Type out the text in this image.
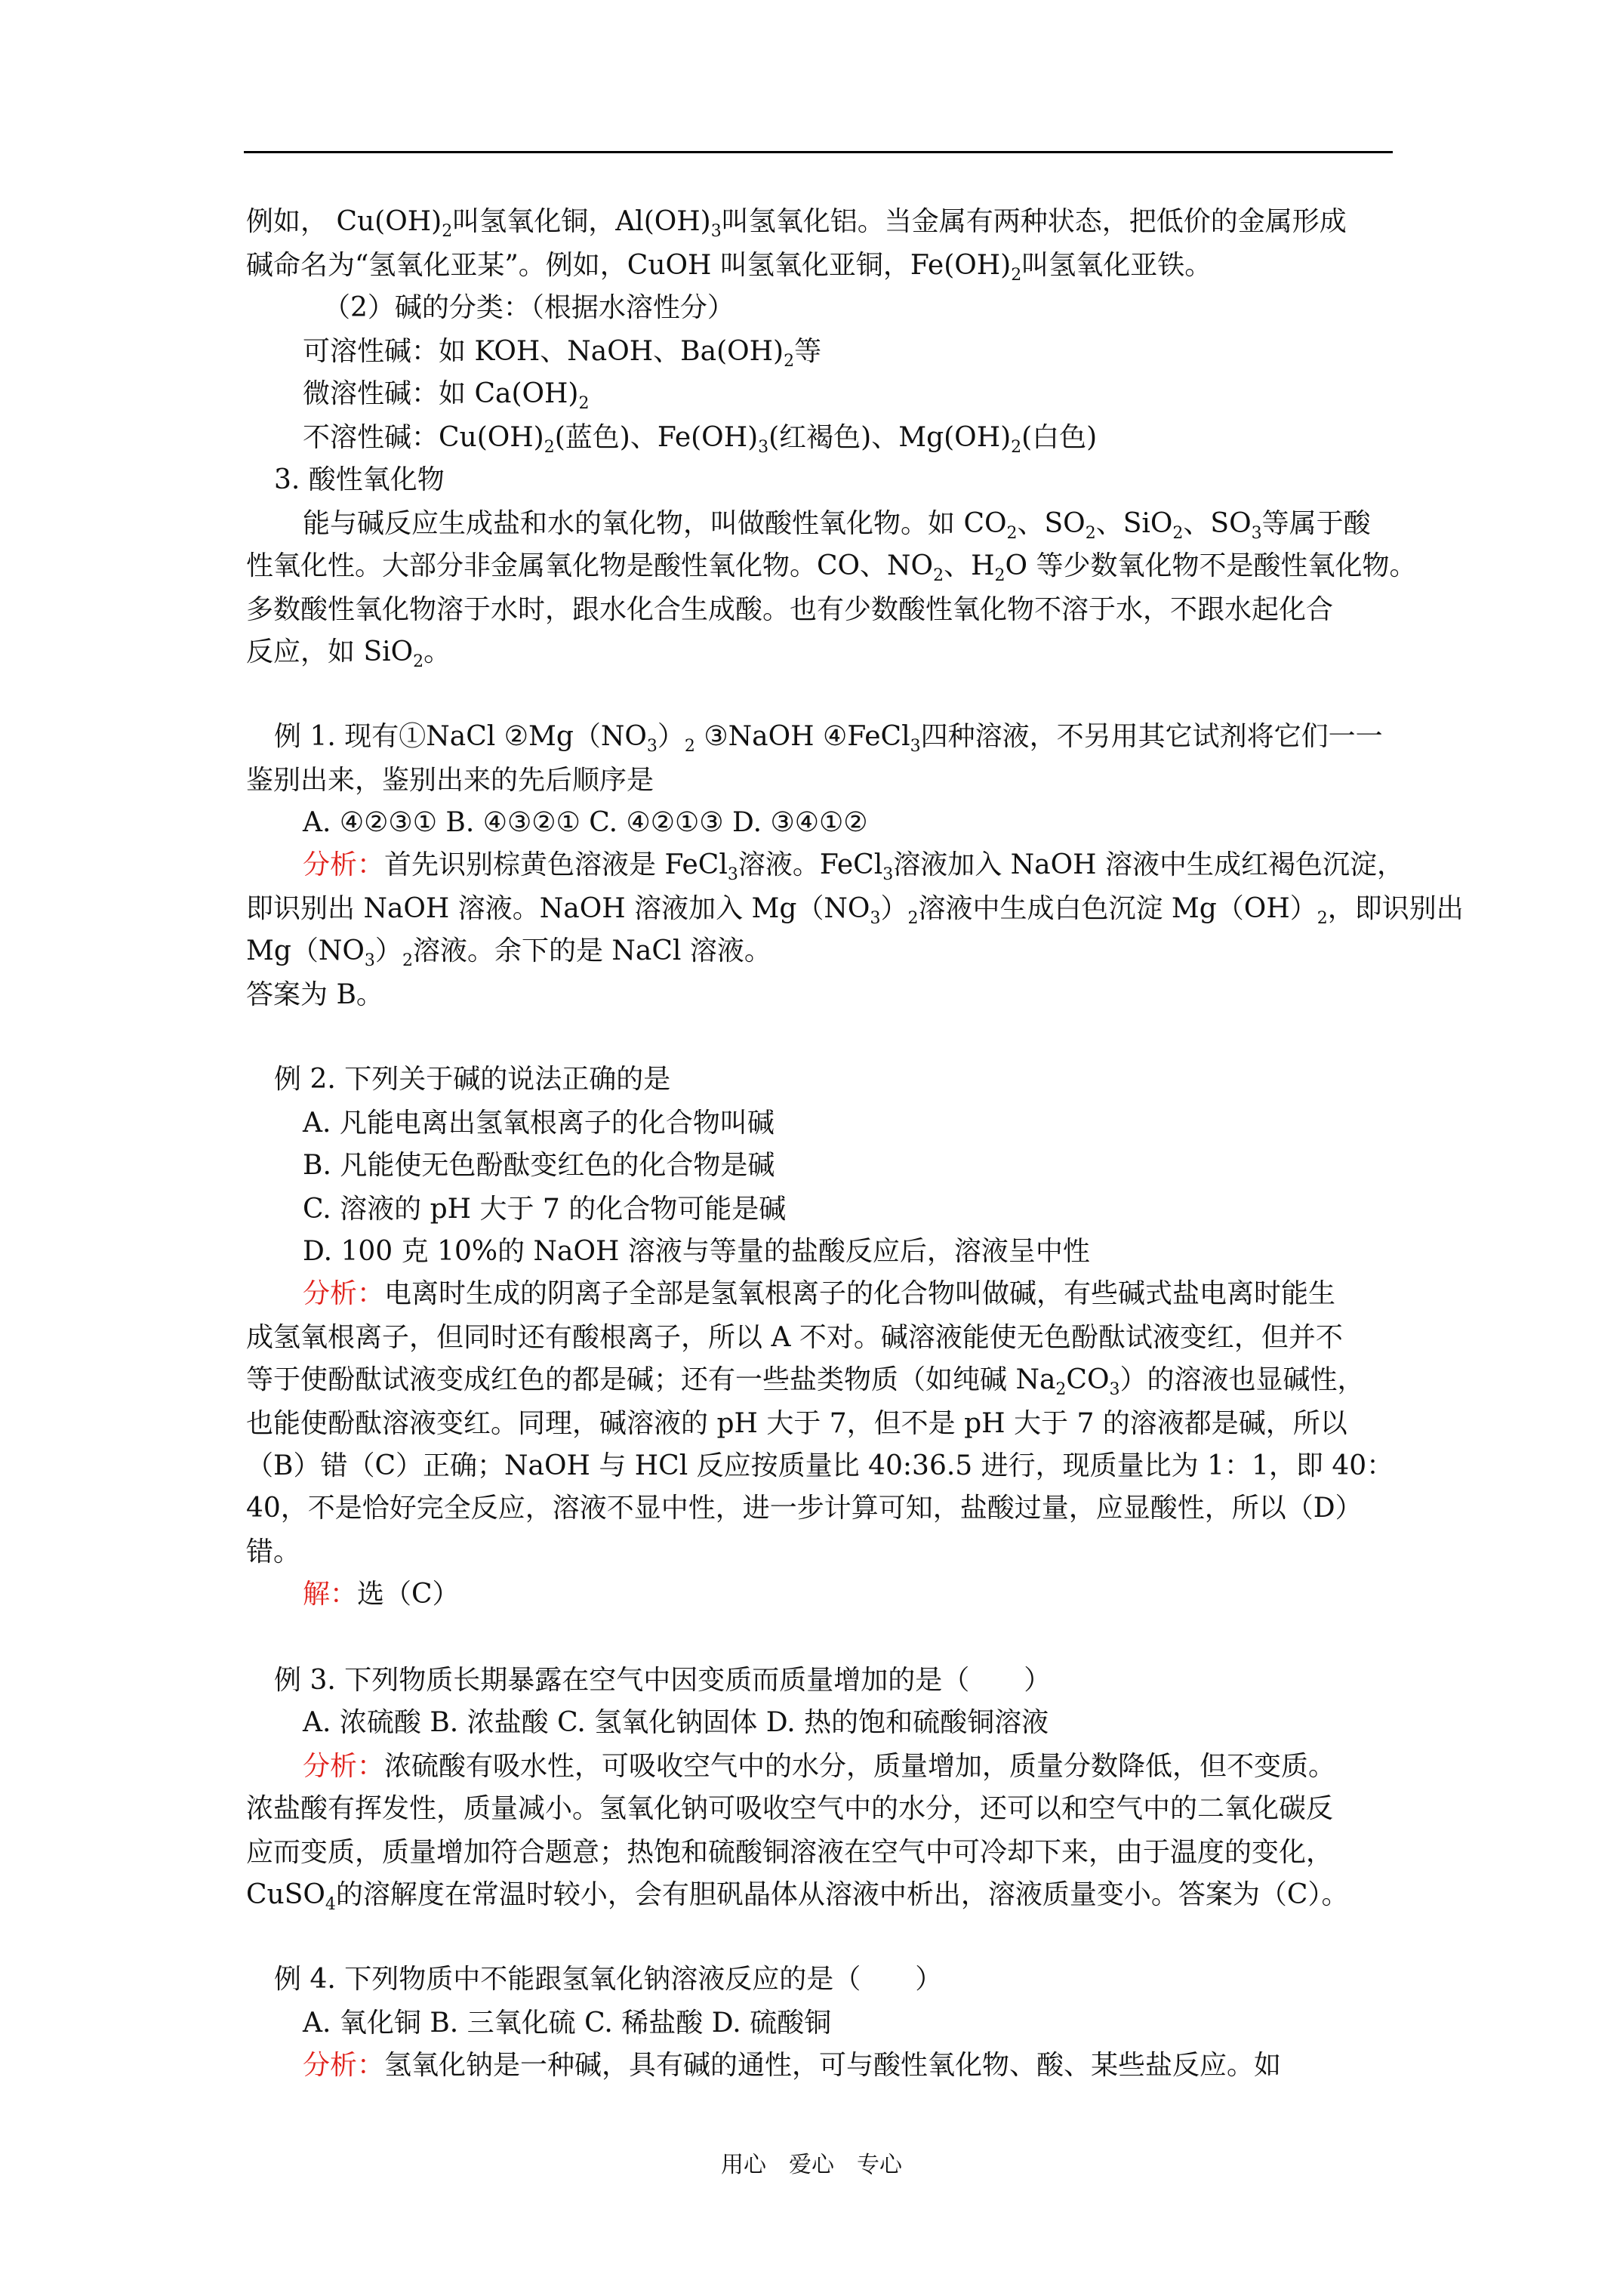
例如， $Cu(OH)_2$叫氢氧化铜，$Al(OH)_3$叫氢氧化铝。当金属有两种状态，把低价的金属形成
碱命名为“氢氧化亚某”。例如，CuOH 叫氢氧化亚铜，$Fe(OH)_2$叫氢氧化亚铁。
（2）碱的分类：（根据水溶性分）
可溶性碱：如 KOH、NaOH、$Ba(OH)_2$等
微溶性碱：如 $Ca(OH)_2$
不溶性碱：$Cu(OH)_2$(蓝色)、$Fe(OH)_3$(红褐色)、$Mg(OH)_2$(白色)
3. 酸性氧化物
能与碱反应生成盐和水的氧化物，叫做酸性氧化物。如 $CO_2$、$SO_2$、SiO$_2$、$SO_3$等属于酸
性氧化性。大部分非金属氧化物是酸性氧化物。CO、$NO_2$、$H_2O$ 等少数氧化物不是酸性氧化物。
多数酸性氧化物溶于水时，跟水化合生成酸。也有少数酸性氧化物不溶于水，不跟水起化合
反应，如 SiO$_2$。
例 1. 现有①NaCl $②Mg(NO_3)_2$ ③NaOH ④FeCl$_3$四种溶液，不另用其它试剂将它们一一
鉴别出来，鉴别出来的先后顺序是
A. ④②③① B. ④③②① C. ④②①③ D. ③④①②
分析：首先识别棕黄色溶液是 FeCl$_3$溶液。FeCl$_3$溶液加入 NaOH 溶液中生成红褐色沉淀，
即识别出 NaOH 溶液。NaOH 溶液加入 $Mg(NO_3)_2$溶液中生成白色沉淀 $Mg(OH)_2$，即识别出
$Mg(NO_3)_2$溶液。余下的是 NaCl 溶液。
答案为 B。
例 2. 下列关于碱的说法正确的是
A. 凡能电离出氢氧根离子的化合物叫碱
B. 凡能使无色酚酞变红色的化合物是碱
C. 溶液的 pH 大于 7 的化合物可能是碱
D. 100 克 10%的 NaOH 溶液与等量的盐酸反应后，溶液呈中性
分析：电离时生成的阴离子全部是氢氧根离子的化合物叫做碱，有些碱式盐电离时能生
成氢氧根离子，但同时还有酸根离子，所以 A 不对。碱溶液能使无色酚酞试液变红，但并不
等于使酚酞试液变成红色的都是碱；还有一些盐类物质（如纯碱 $Na_2CO_3$）的溶液也显碱性，
也能使酚酞溶液变红。同理，碱溶液的 pH 大于 7，但不是 pH 大于 7 的溶液都是碱，所以
（B）错（C）正确；NaOH 与 HCl 反应按质量比 40:36.5 进行，现质量比为 1：1，即 40：
40，不是恰好完全反应，溶液不显中性，进一步计算可知，盐酸过量，应显酸性，所以（D）
错。
解：选（C）
例 3. 下列物质长期暴露在空气中因变质而质量增加的是（　　）
A. 浓硫酸 B. 浓盐酸 C. 氢氧化钠固体 D. 热的饱和硫酸铜溶液
分析：浓硫酸有吸水性，可吸收空气中的水分，质量增加，质量分数降低，但不变质。
浓盐酸有挥发性，质量减小。氢氧化钠可吸收空气中的水分，还可以和空气中的二氧化碳反
应而变质，质量增加符合题意；热饱和硫酸铜溶液在空气中可冷却下来，由于温度的变化，
CuSO$_4$的溶解度在常温时较小，会有胆矾晶体从溶液中析出，溶液质量变小。答案为（C）。
例 4. 下列物质中不能跟氢氧化钠溶液反应的是（　　）
A. 氧化铜 B. 三氧化硫 C. 稀盐酸 D. 硫酸铜
分析：氢氧化钠是一种碱，具有碱的通性，可与酸性氧化物、酸、某些盐反应。如
用心　爱心　专心
